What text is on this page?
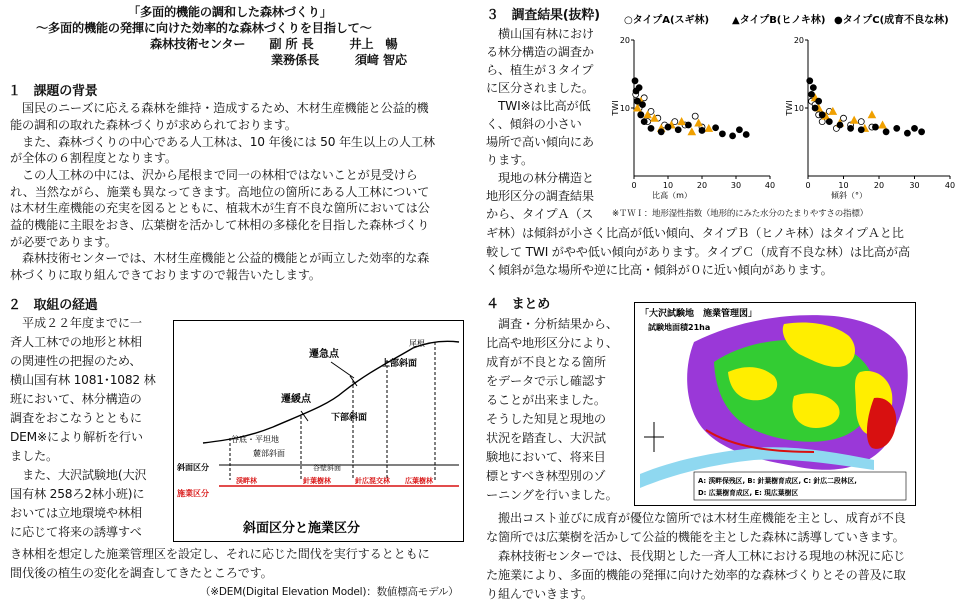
「多面的機能の調和した森林づくり」
～多面的機能の発揮に向けた効率的な森林づくりを目指して～
森林技術センター　　副 所 長　　　井上　暢
業務係長　　　須﨑 智応
１　課題の背景
　国民のニーズに応える森林を維持・造成するため、木材生産機能と公益的機
能の調和の取れた森林づくりが求められております。
　また、森林づくりの中心である人工林は、10 年後には 50 年生以上の人工林
が全体の６割程度となります。
　この人工林の中には、沢から尾根まで同一の林相ではないことが見受けら
れ、当然ながら、施業も異なってきます。高地位の箇所にある人工林について
は木材生産機能の充実を図るとともに、植栽木が生育不良な箇所においては公
益的機能に主眼をおき、広葉樹を活かして林相の多様化を目指した森林づくり
が必要であります。
　森林技術センターでは、木材生産機能と公益的機能とが両立した効率的な森
林づくりに取り組んできておりますので報告いたします。
２　取組の経過
　平成２２年度までに一
斉人工林での地形と林相
の関連性の把握のため、
横山国有林 1081･1082 林
班において、林分構造の
調査をおこなうとともに
DEM※により解析を行い
ました。
　また、大沢試験地(大沢
国有林 258ろ2林小班)に
おいては立地環境や林相
に応じて将来の誘導すべ
き林相を想定した施業管理区を設定し、それに応じた間伐を実行するとともに
間伐後の植生の変化を調査してきたところです。
（※DEM(Digital Elevation Model)：数値標高モデル）
遷急点
遷緩点
上部斜面
下部斜面
尾根
谷底・平坦地
麓部斜面
谷壁斜面
斜面区分
施業区分
渓畔林	針葉樹林	針広混交林 広葉樹林
斜面区分と施業区分
３　調査結果(抜粋)
　横山国有林におけ
る林分構造の調査か
ら、植生が３タイプ
に区分されました。
　TWI※は比高が低
く、傾斜の小さい
場所で高い傾向にあ
ります。
　現地の林分構造と
地形区分の調査結果
から、タイプＡ（ス
ギ林）は傾斜が小さく比高が低い傾向、タイプＢ（ヒノキ林）はタイプＡと比
較して TWI がやや低い傾向があります。タイプＣ（成育不良な林）は比高が高
く傾斜が急な場所や逆に比高・傾斜が０に近い傾向があります。
※ＴＷＩ：地形湿性指数（地形的にみた水分のたまりやすさの指標）
○タイプA(スギ林) ▲タイプB(ヒノキ林) ●タイプC(成育不良な林)
0	10	20	30	40
10
20
TWI
比高（m）
0	10	20	30	40
10
20
TWI
傾斜（°）
４　まとめ
　調査・分析結果から、
比高や地形区分により、
成育が不良となる箇所
をデータで示し確認す
ることが出来ました。
そうした知見と現地の
状況を踏査し、大沢試
験地において、将来目
標とすべき林型別のゾ
ーニングを行いました。
　搬出コスト並びに成育が優位な箇所では木材生産機能を主とし、成育が不良
な箇所では広葉樹を活かして公益的機能を主とした森林に誘導していきます。
　森林技術センターでは、長伐期とした一斉人工林における現地の林況に応じ
た施業により、多面的機能の発揮に向けた効率的な森林づくりとその普及に取
り組んでいきます。
「大沢試験地　施業管理図」
試験地面積21ha
A: 渓畔保残区, B: 針葉樹育成区, C: 針広二段林区,
D: 広葉樹育成区, E: 現広葉樹区
